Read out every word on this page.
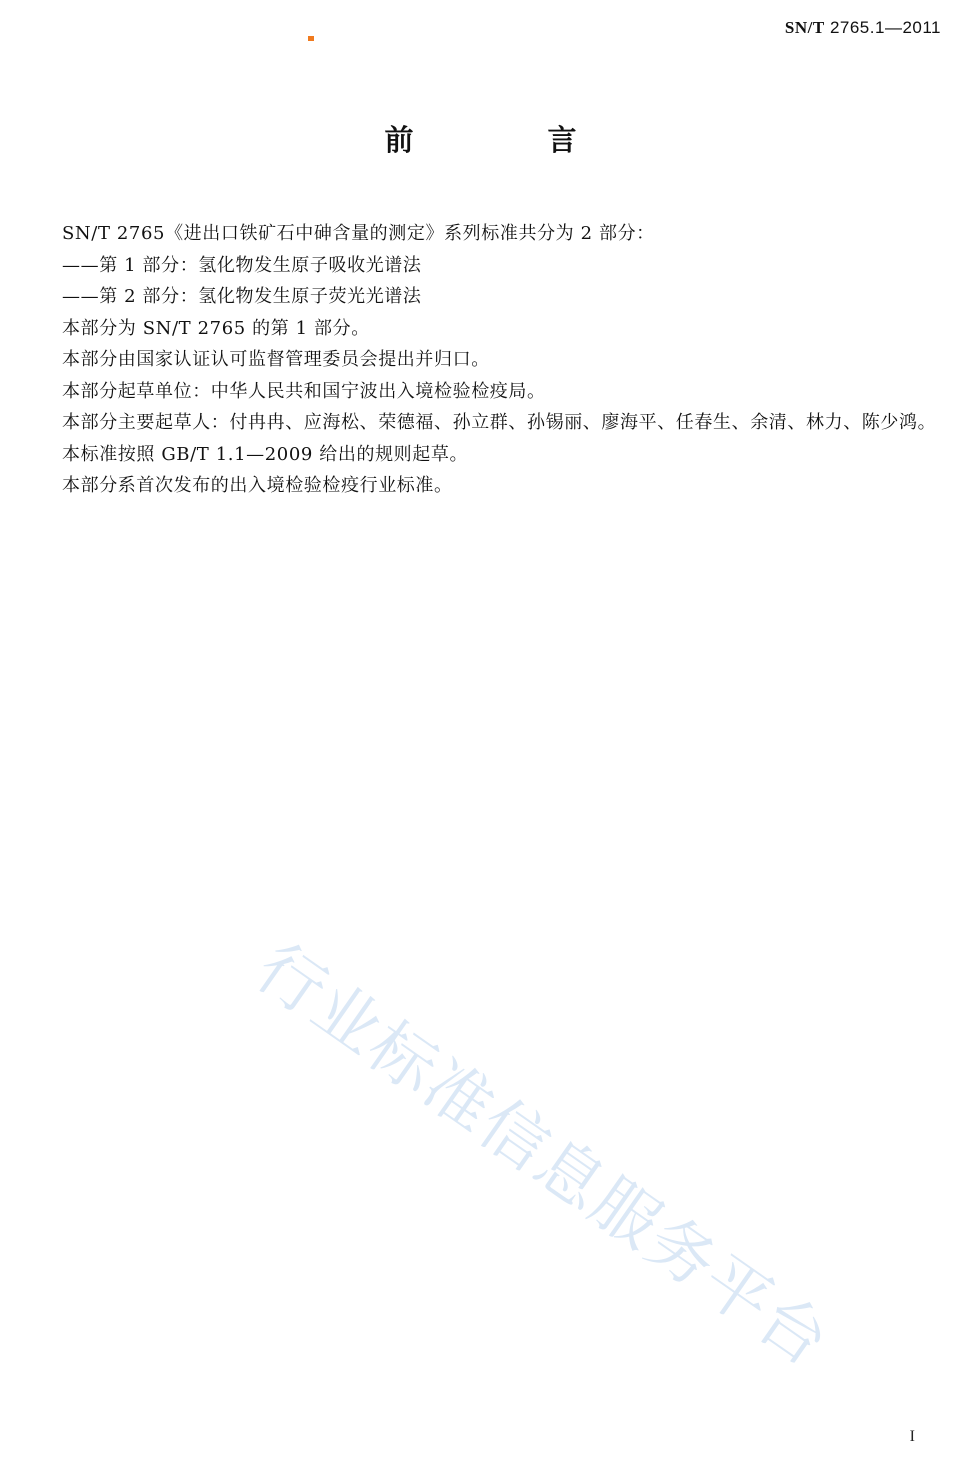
SN/T 2765.1—2011
前 言
SN/T 2765《进出口铁矿石中砷含量的测定》系列标准共分为 2 部分：
——第 1 部分：氢化物发生原子吸收光谱法
——第 2 部分：氢化物发生原子荧光光谱法
本部分为 SN/T 2765 的第 1 部分。
本部分由国家认证认可监督管理委员会提出并归口。
本部分起草单位：中华人民共和国宁波出入境检验检疫局。
本部分主要起草人：付冉冉、应海松、荣德福、孙立群、孙锡丽、廖海平、任春生、余清、林力、陈少鸿。
本标准按照 GB/T 1.1—2009 给出的规则起草。
本部分系首次发布的出入境检验检疫行业标准。
行业标准信息服务平台
I
